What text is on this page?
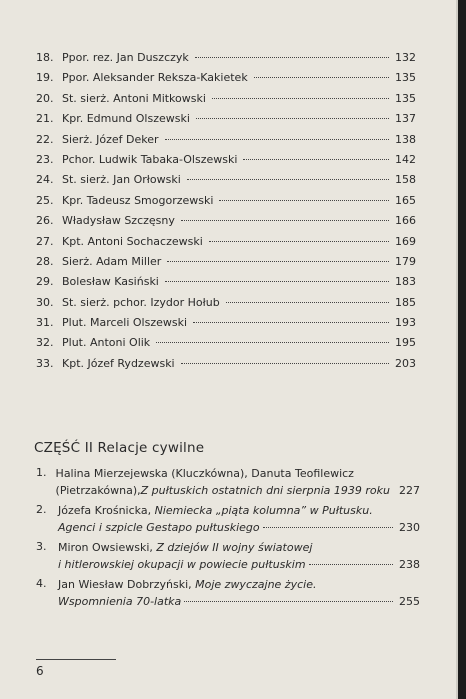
18. Ppor. rez. Jan Duszczyk	132
19. Ppor. Aleksander Reksza-Kakietek	135
20. St. sierż. Antoni Mitkowski	135
21. Kpr. Edmund Olszewski	137
22. Sierż. Józef Deker	138
23. Pchor. Ludwik Tabaka-Olszewski	142
24. St. sierż. Jan Orłowski	158
25. Kpr. Tadeusz Smogorzewski	165
26. Władysław Szczęsny	166
27. Kpt. Antoni Sochaczewski	169
28. Sierż. Adam Miller	179
29. Bolesław Kasiński	183
30. St. sierż. pchor. Izydor Hołub	185
31. Plut. Marceli Olszewski	193
32. Plut. Antoni Olik	195
33. Kpt. Józef Rydzewski	203
CZĘŚĆ II Relacje cywilne
1. Halina Mierzejewska (Kluczkówna), Danuta Teofilewicz
(Pietrzakówna), Z pułtuskich ostatnich dni sierpnia 1939 roku 227
2.	Józefa Krośnicka, Niemiecka „piąta kolumna” w Pułtusku.
Agenci i szpicle Gestapo pułtuskiego	230
3.	Miron Owsiewski, Z dziejów II wojny światowej
i hitlerowskiej okupacji w powiecie pułtuskim	238
4.	Jan Wiesław Dobrzyński, Moje zwyczajne życie.
Wspomnienia 70-latka	255
6
